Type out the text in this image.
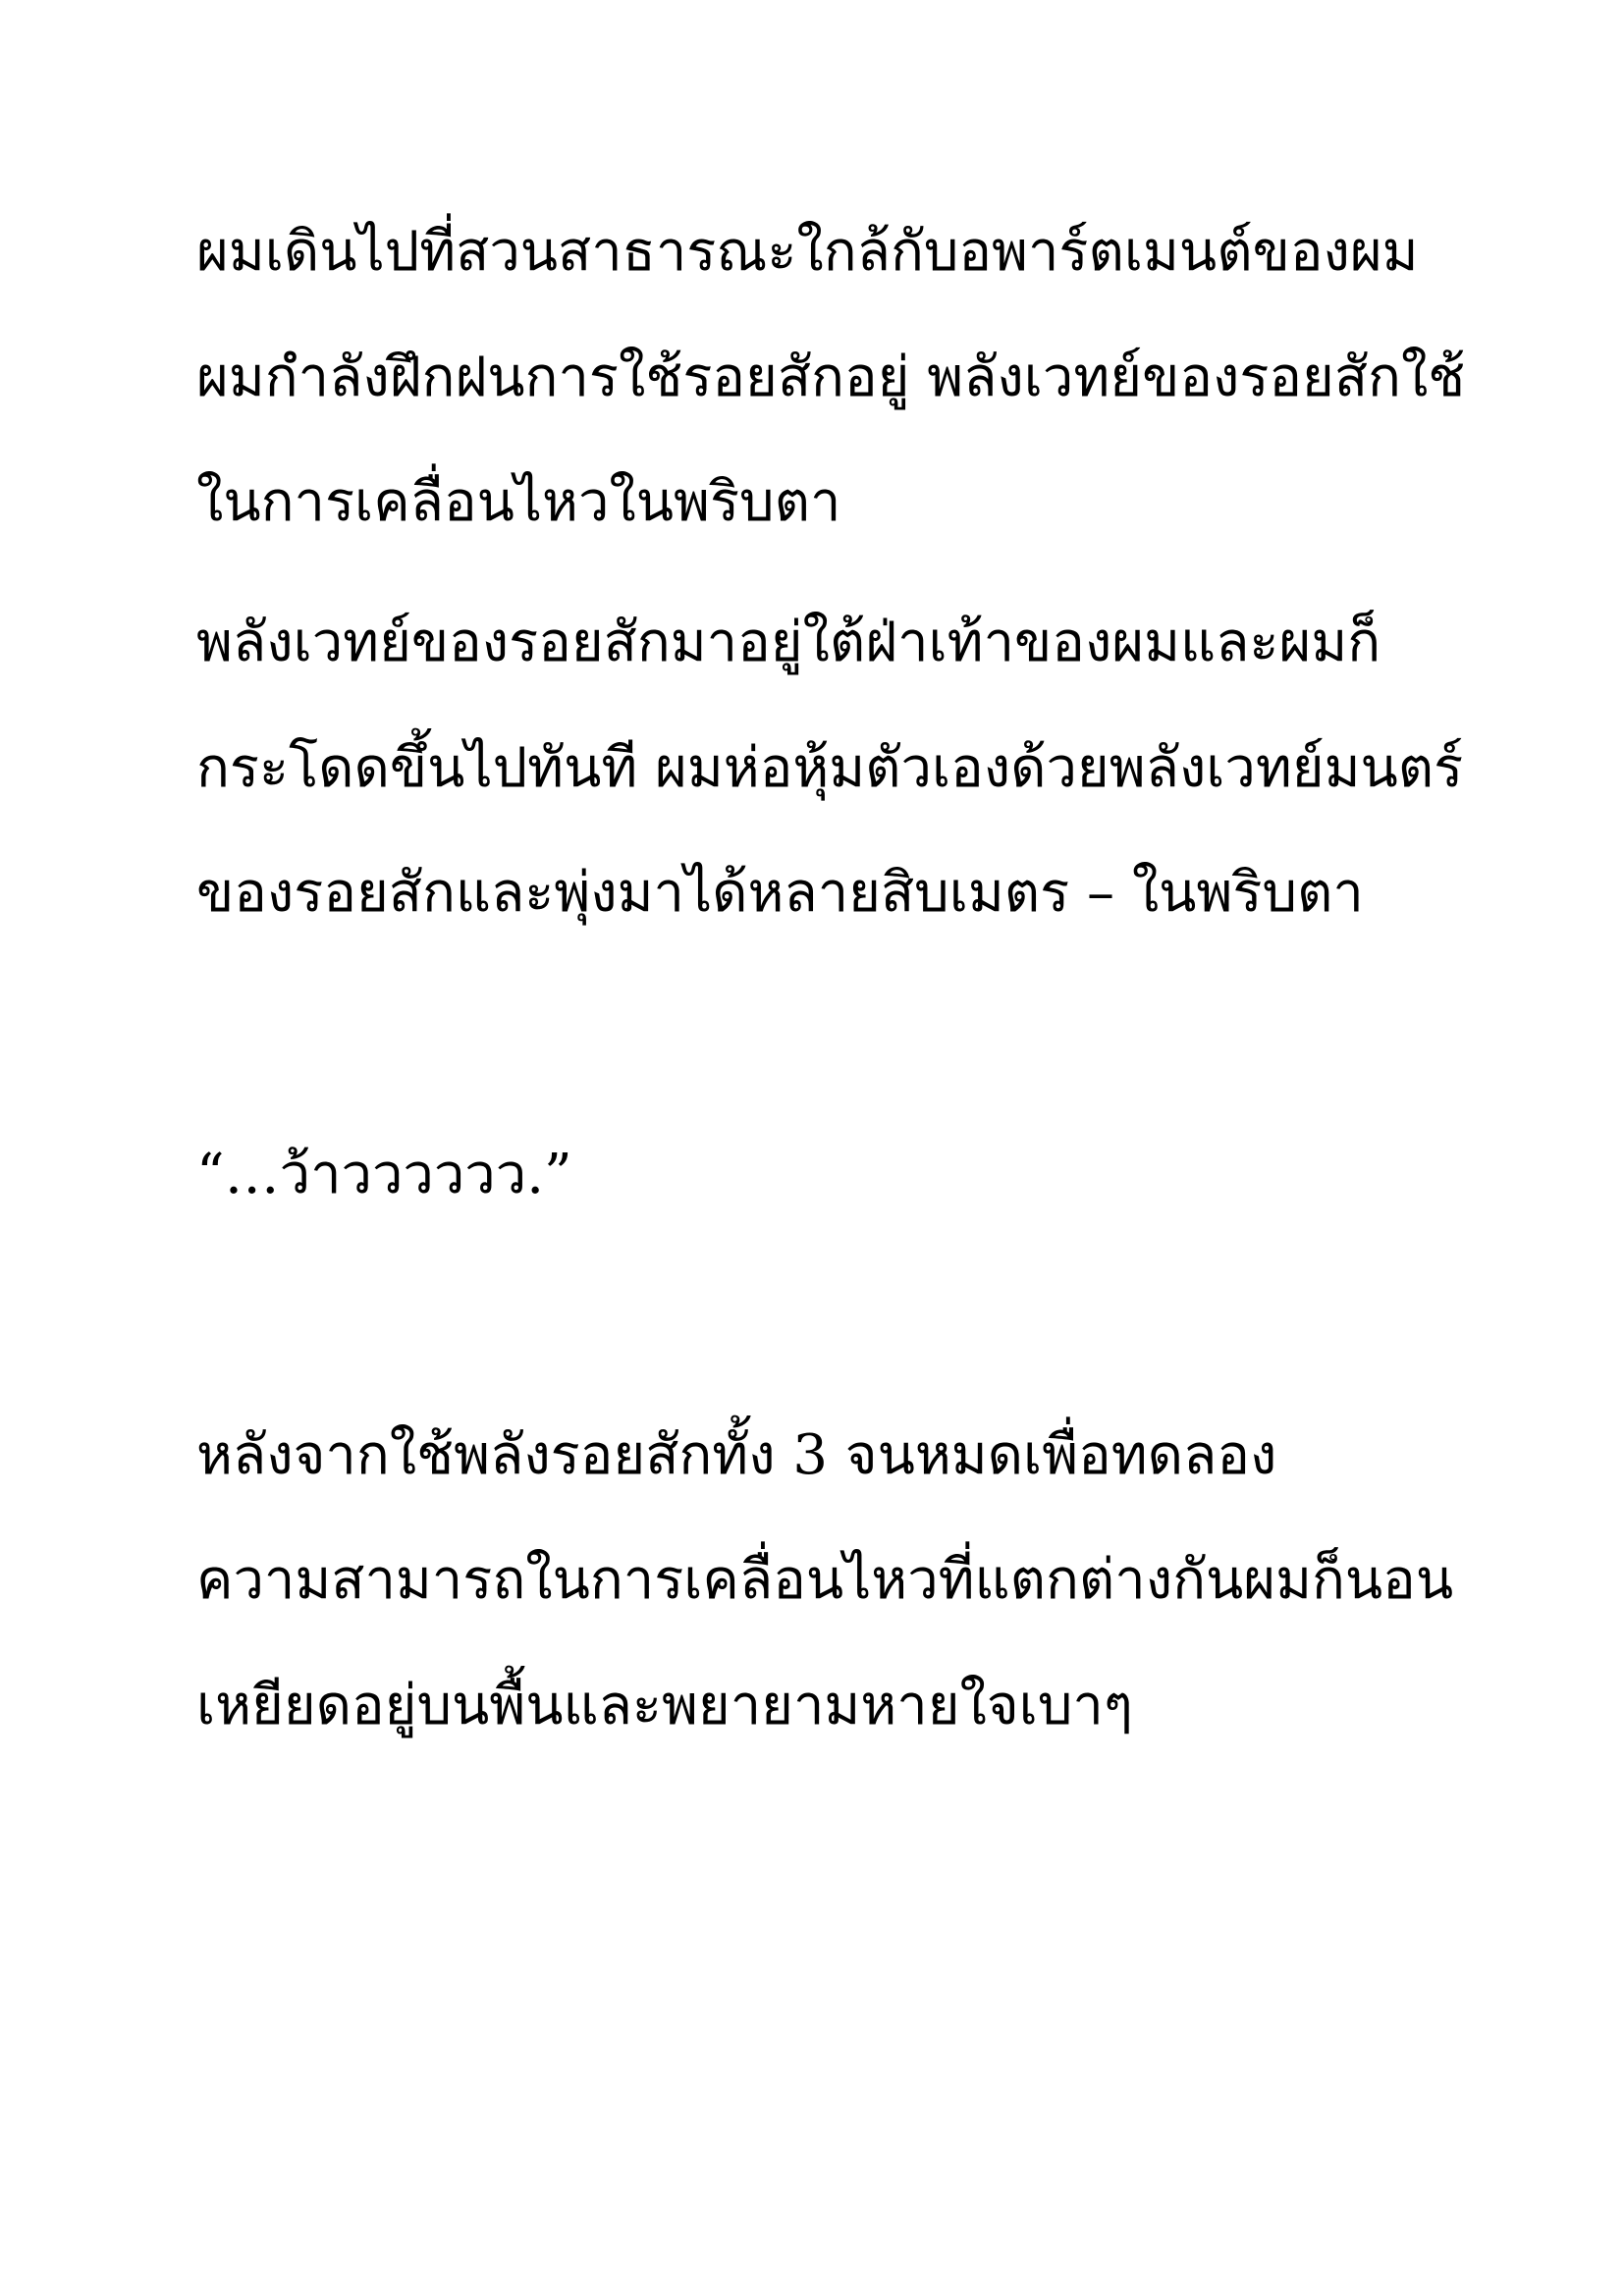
ผมเดินไปที่สวนสาธารณะใกล้กับอพาร์ตเมนต์ของผม
ผมกำลังฝึกฝนการใช้รอยสักอยู่ พลังเวทย์ของรอยสักใช้
ในการเคลื่อนไหวในพริบตา
พลังเวทย์ของรอยสักมาอยู่ใต้ฝ่าเท้าของผมและผมก็
กระโดดขึ้นไปทันที ผมห่อหุ้มตัวเองด้วยพลังเวทย์มนตร์
ของรอยสักและพุ่งมาได้หลายสิบเมตร – ในพริบตา
“…ว้าวววววว.”
หลังจากใช้พลังรอยสักทั้ง 3 จนหมดเพื่อทดลอง
ความสามารถในการเคลื่อนไหวที่แตกต่างกันผมก็นอน
เหยียดอยู่บนพื้นและพยายามหายใจเบาๆ
